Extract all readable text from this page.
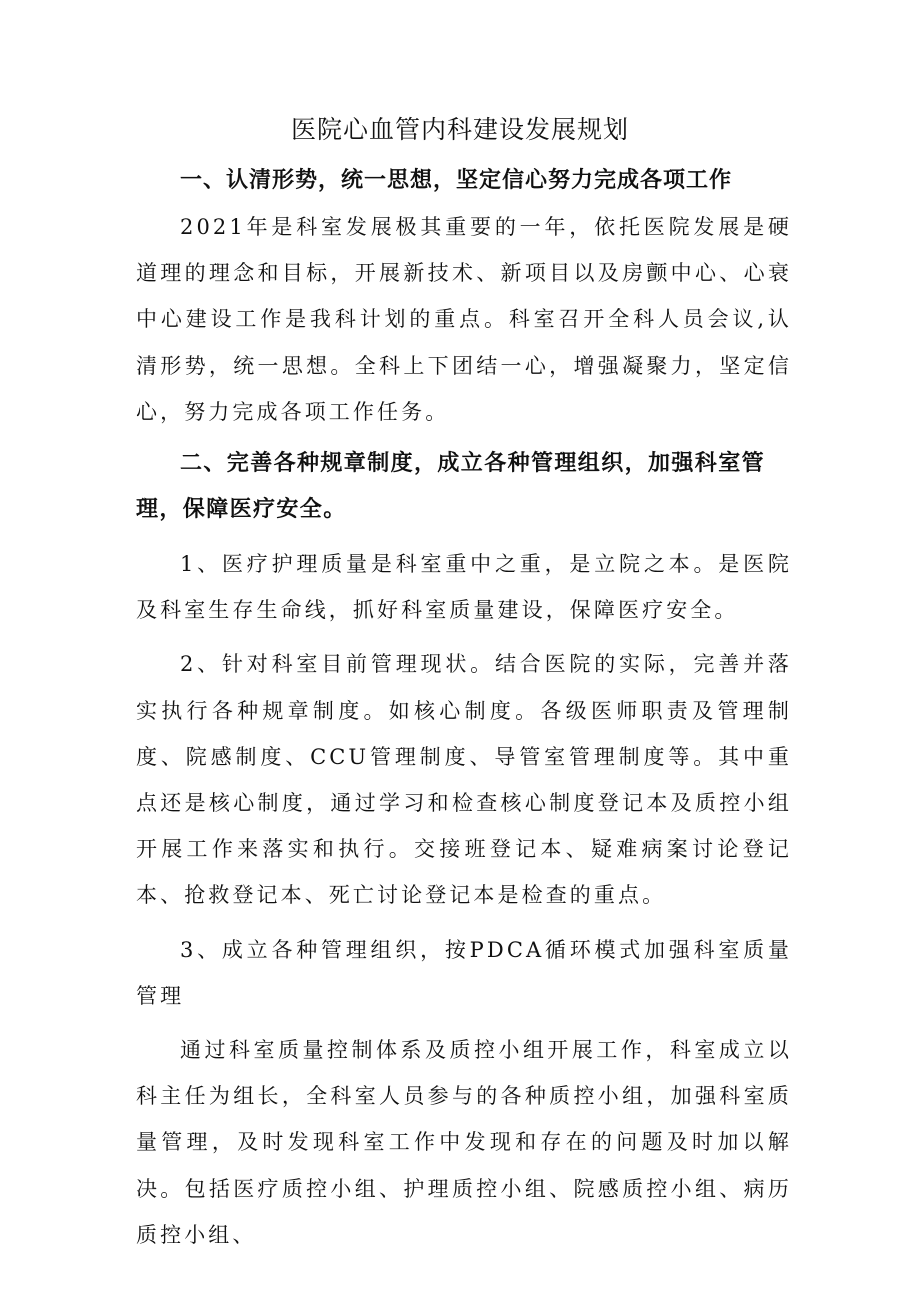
医院心血管内科建设发展规划

一、认清形势，统一思想，坚定信心努力完成各项工作

2021年是科室发展极其重要的一年，依托医院发展是硬道理的理念和目标，开展新技术、新项目以及房颤中心、心衰中心建设工作是我科计划的重点。科室召开全科人员会议,认清形势，统一思想。全科上下团结一心，增强凝聚力，坚定信心，努力完成各项工作任务。

二、完善各种规章制度，成立各种管理组织，加强科室管理，保障医疗安全。

1、医疗护理质量是科室重中之重，是立院之本。是医院及科室生存生命线，抓好科室质量建设，保障医疗安全。

2、针对科室目前管理现状。结合医院的实际，完善并落实执行各种规章制度。如核心制度。各级医师职责及管理制度、院感制度、CCU管理制度、导管室管理制度等。其中重点还是核心制度，通过学习和检查核心制度登记本及质控小组开展工作来落实和执行。交接班登记本、疑难病案讨论登记本、抢救登记本、死亡讨论登记本是检查的重点。

3、成立各种管理组织，按PDCA循环模式加强科室质量管理

通过科室质量控制体系及质控小组开展工作，科室成立以科主任为组长，全科室人员参与的各种质控小组，加强科室质量管理，及时发现科室工作中发现和存在的问题及时加以解决。包括医疗质控小组、护理质控小组、院感质控小组、病历质控小组、
